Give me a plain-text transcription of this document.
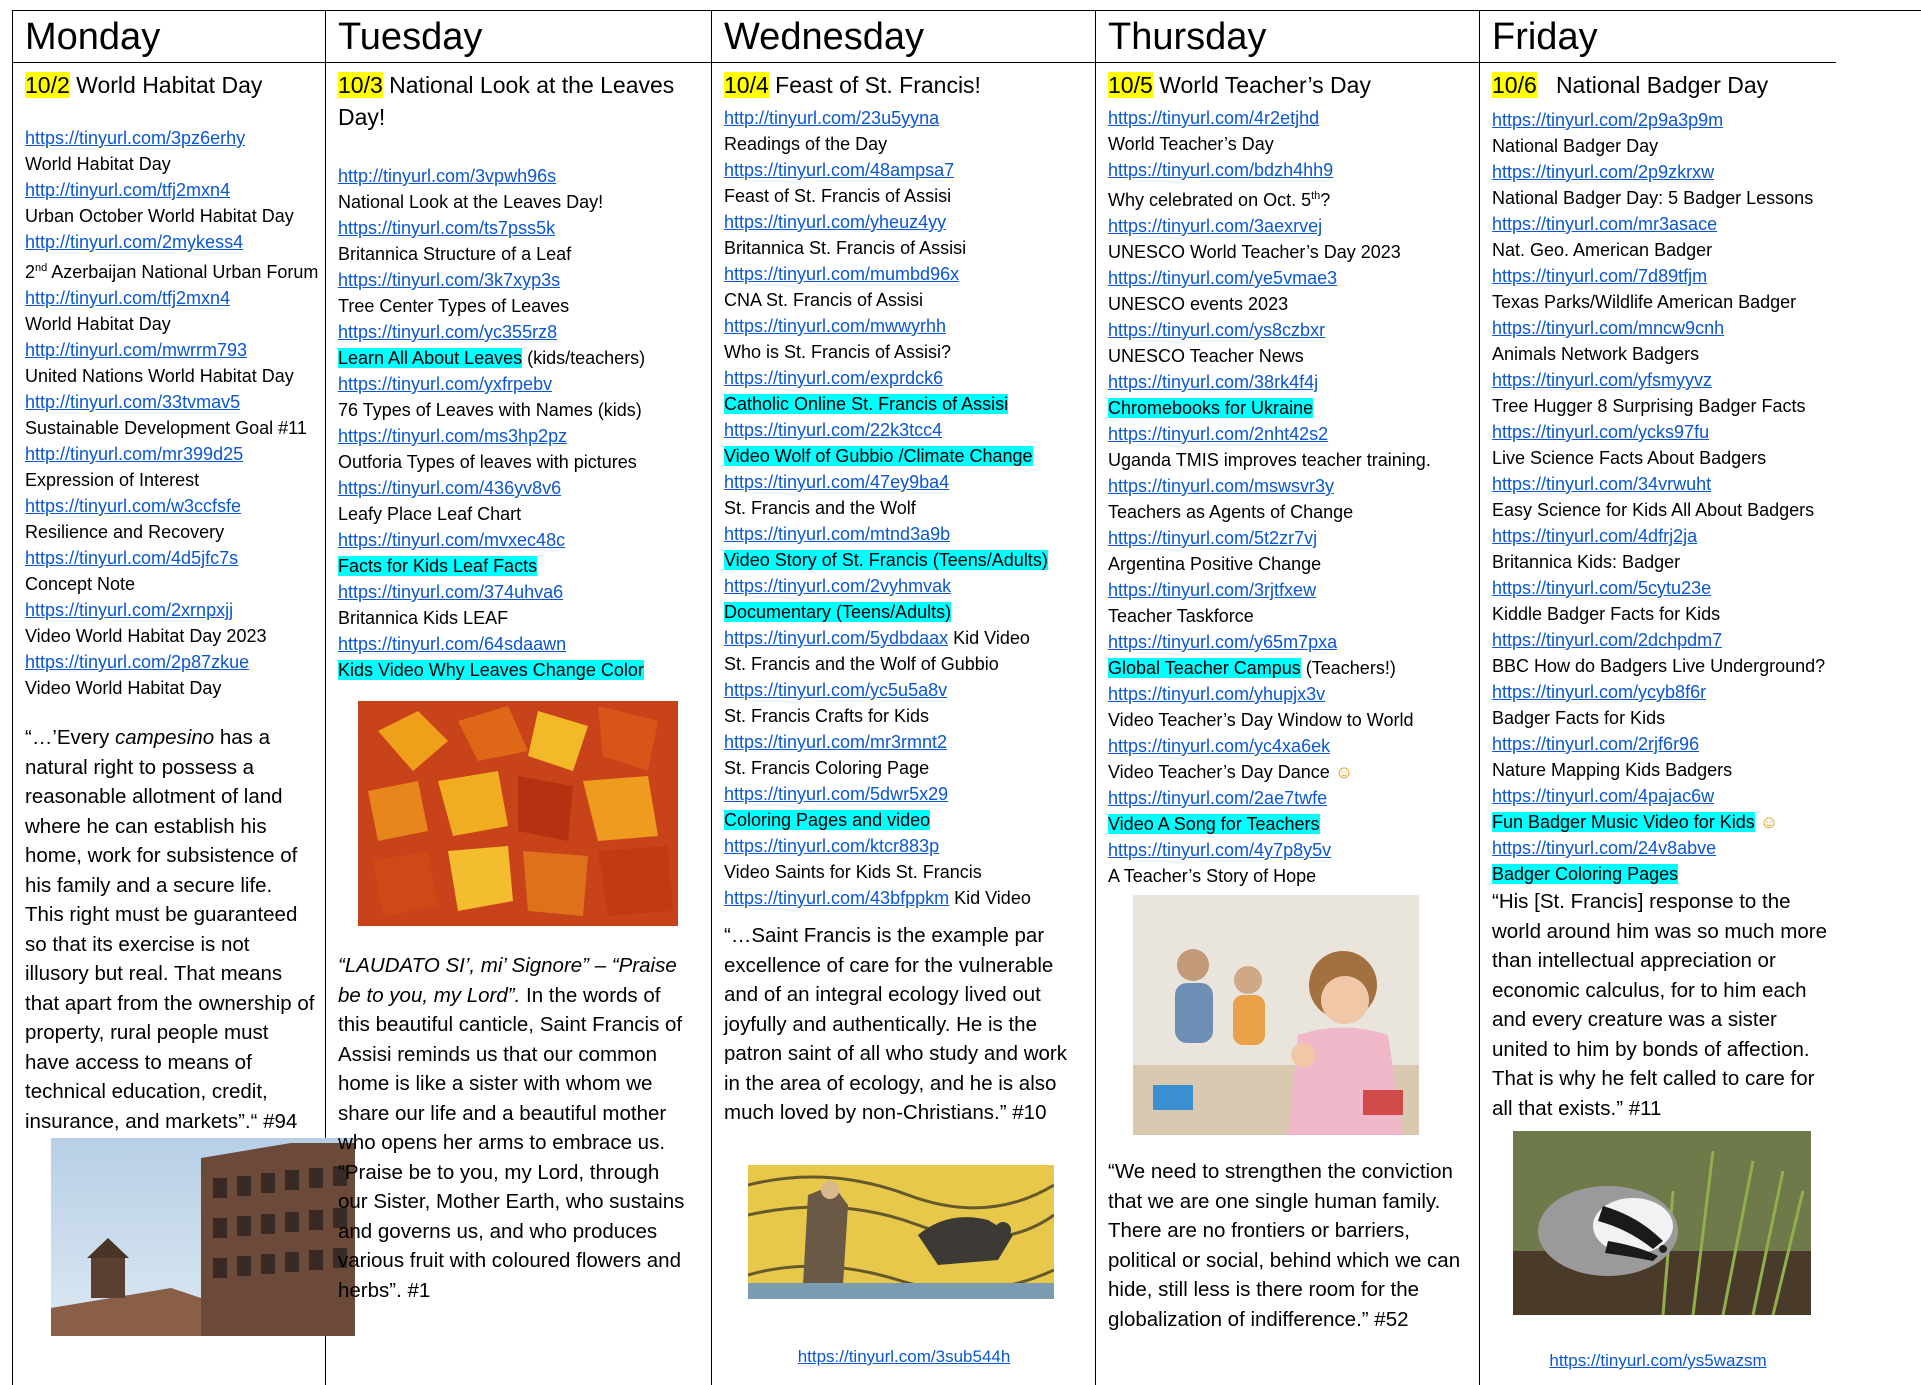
Monday
10/2 World Habitat Day
https://tinyurl.com/3pz6erhy
World Habitat Day
http://tinyurl.com/tfj2mxn4
Urban October World Habitat Day
http://tinyurl.com/2mykess4
2nd Azerbaijan National Urban Forum
http://tinyurl.com/tfj2mxn4
World Habitat Day
http://tinyurl.com/mwrrm793
United Nations World Habitat Day
http://tinyurl.com/33tvmav5
Sustainable Development Goal #11
http://tinyurl.com/mr399d25
Expression of Interest
https://tinyurl.com/w3ccfsfe
Resilience and Recovery
https://tinyurl.com/4d5jfc7s
Concept Note
https://tinyurl.com/2xrnpxjj
Video World Habitat Day 2023
https://tinyurl.com/2p87zkue
Video World Habitat Day
“…’Every campesino has a natural right to possess a reasonable allotment of land where he can establish his home, work for subsistence of his family and a secure life. This right must be guaranteed so that its exercise is not illusory but real. That means that apart from the ownership of property, rural people must have access to means of technical education, credit, insurance, and markets”.“ #94
Tuesday
10/3 National Look at the Leaves Day!
http://tinyurl.com/3vpwh96s
National Look at the Leaves Day!
https://tinyurl.com/ts7pss5k
Britannica Structure of a Leaf
https://tinyurl.com/3k7xyp3s
Tree Center Types of Leaves
https://tinyurl.com/yc355rz8
Learn All About Leaves (kids/teachers)
https://tinyurl.com/yxfrpebv
76 Types of Leaves with Names (kids)
https://tinyurl.com/ms3hp2pz
Outforia Types of leaves with pictures
https://tinyurl.com/436yv8v6
Leafy Place Leaf Chart
https://tinyurl.com/mvxec48c
Facts for Kids Leaf Facts
https://tinyurl.com/374uhva6
Britannica Kids LEAF
https://tinyurl.com/64sdaawn
Kids Video Why Leaves Change Color
“LAUDATO SI’, mi’ Signore” – “Praise be to you, my Lord”. In the words of this beautiful canticle, Saint Francis of Assisi reminds us that our common home is like a sister with whom we share our life and a beautiful mother who opens her arms to embrace us. “Praise be to you, my Lord, through our Sister, Mother Earth, who sustains and governs us, and who produces various fruit with coloured flowers and herbs”. #1
Wednesday
10/4 Feast of St. Francis!
http://tinyurl.com/23u5yyna
Readings of the Day
https://tinyurl.com/48ampsa7
Feast of St. Francis of Assisi
https://tinyurl.com/yheuz4yy
Britannica St. Francis of Assisi
https://tinyurl.com/mumbd96x
CNA St. Francis of Assisi
https://tinyurl.com/mwwyrhh
Who is St. Francis of Assisi?
https://tinyurl.com/exprdck6
Catholic Online St. Francis of Assisi
https://tinyurl.com/22k3tcc4
Video Wolf of Gubbio /Climate Change
https://tinyurl.com/47ey9ba4
St. Francis and the Wolf
https://tinyurl.com/mtnd3a9b
Video Story of St. Francis (Teens/Adults)
https://tinyurl.com/2vyhmvak
Documentary (Teens/Adults)
https://tinyurl.com/5ydbdaax Kid Video
St. Francis and the Wolf of Gubbio
https://tinyurl.com/yc5u5a8v
St. Francis Crafts for Kids
https://tinyurl.com/mr3rmnt2
St. Francis Coloring Page
https://tinyurl.com/5dwr5x29
Coloring Pages and video
https://tinyurl.com/ktcr883p
Video Saints for Kids St. Francis
https://tinyurl.com/43bfppkm Kid Video
“…Saint Francis is the example par excellence of care for the vulnerable and of an integral ecology lived out joyfully and authentically. He is the patron saint of all who study and work in the area of ecology, and he is also much loved by non-Christians.” #10
https://tinyurl.com/3sub544h
Thursday
10/5 World Teacher’s Day
https://tinyurl.com/4r2etjhd
World Teacher’s Day
https://tinyurl.com/bdzh4hh9
Why celebrated on Oct. 5th?
https://tinyurl.com/3aexrvej
UNESCO World Teacher’s Day 2023
https://tinyurl.com/ye5vmae3
UNESCO events 2023
https://tinyurl.com/ys8czbxr
UNESCO Teacher News
https://tinyurl.com/38rk4f4j
Chromebooks for Ukraine
https://tinyurl.com/2nht42s2
Uganda TMIS improves teacher training.
https://tinyurl.com/mswsvr3y
Teachers as Agents of Change
https://tinyurl.com/5t2zr7vj
Argentina Positive Change
https://tinyurl.com/3rjtfxew
Teacher Taskforce
https://tinyurl.com/y65m7pxa
Global Teacher Campus (Teachers!)
https://tinyurl.com/yhupjx3v
Video Teacher’s Day Window to World
https://tinyurl.com/yc4xa6ek
Video Teacher’s Day Dance ☺
https://tinyurl.com/2ae7twfe
Video A Song for Teachers
https://tinyurl.com/4y7p8y5v
A Teacher’s Story of Hope
“We need to strengthen the conviction that we are one single human family. There are no frontiers or barriers, political or social, behind which we can hide, still less is there room for the globalization of indifference.” #52
Friday
10/6 National Badger Day
https://tinyurl.com/2p9a3p9m
National Badger Day
https://tinyurl.com/2p9zkrxw
National Badger Day: 5 Badger Lessons
https://tinyurl.com/mr3asace
Nat. Geo. American Badger
https://tinyurl.com/7d89tfjm
Texas Parks/Wildlife American Badger
https://tinyurl.com/mncw9cnh
Animals Network Badgers
https://tinyurl.com/yfsmyyvz
Tree Hugger 8 Surprising Badger Facts
https://tinyurl.com/ycks97fu
Live Science Facts About Badgers
https://tinyurl.com/34vrwuht
Easy Science for Kids All About Badgers
https://tinyurl.com/4dfrj2ja
Britannica Kids: Badger
https://tinyurl.com/5cytu23e
Kiddle Badger Facts for Kids
https://tinyurl.com/2dchpdm7
BBC How do Badgers Live Underground?
https://tinyurl.com/ycyb8f6r
Badger Facts for Kids
https://tinyurl.com/2rjf6r96
Nature Mapping Kids Badgers
https://tinyurl.com/4pajac6w
Fun Badger Music Video for Kids ☺
https://tinyurl.com/24v8abve
Badger Coloring Pages
“His [St. Francis] response to the world around him was so much more than intellectual appreciation or economic calculus, for to him each and every creature was a sister united to him by bonds of affection. That is why he felt called to care for all that exists.” #11
https://tinyurl.com/ys5wazsm
